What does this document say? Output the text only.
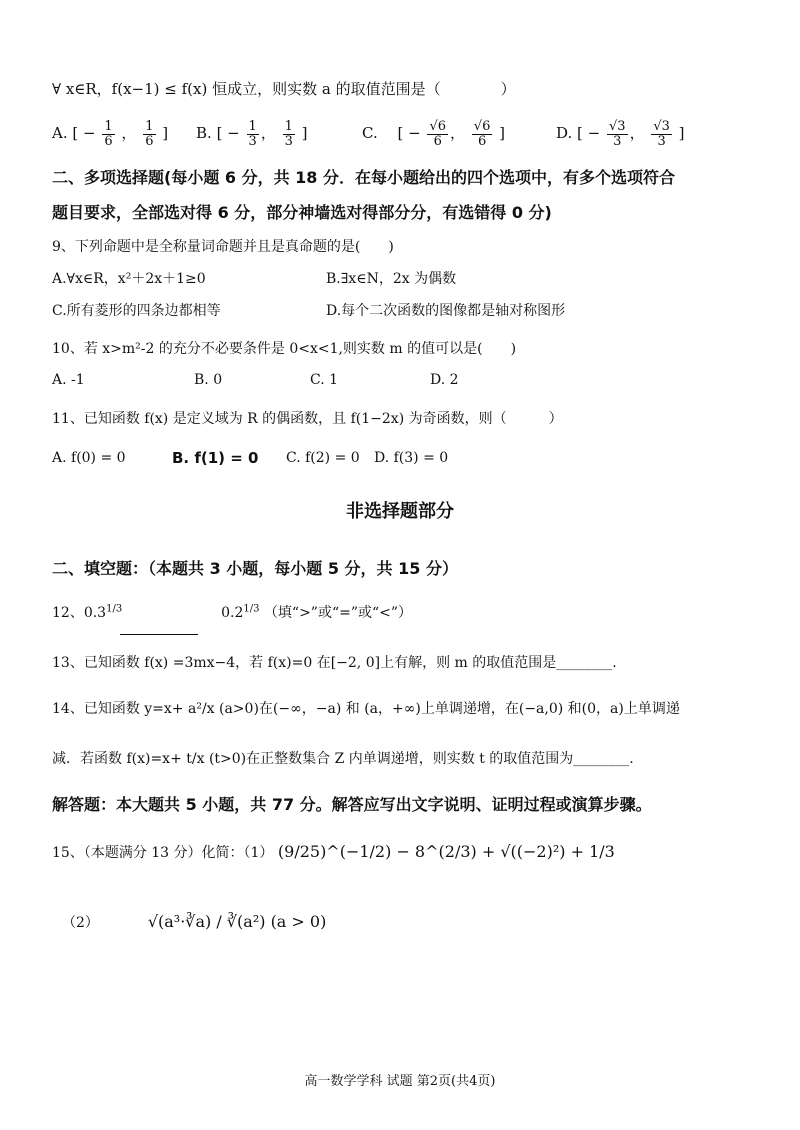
∀ x∈R，f(x−1) ≤ f(x) 恒成立，则实数 a 的取值范围是（　　　　）
A. [ − $\frac{1}{6}$ ， $\frac{1}{6}$ ] B. [ − $\frac{1}{3}$ ， $\frac{1}{3}$ ]	C.　 [ − $\frac{√6}{6}$ ， $\frac{√6}{6}$ ]	D. [ − $\frac{√3}{3}$ ， $\frac{√3}{3}$ ]
二、多项选择题(每小题 6 分，共 18 分．在每小题给出的四个选项中，有多个选项符合
题目要求，全部选对得 6 分，部分神墙选对得部分分，有选错得 0 分)
9、下列命题中是全称量词命题并且是真命题的是(　　)
A.∀x∈R，x²＋2x＋1≥0	B.∃x∈N，2x 为偶数
C.所有菱形的四条边都相等	D.每个二次函数的图像都是轴对称图形
10、若 x>m²-2 的充分不必要条件是 0<x<1,则实数 m 的值可以是(　　)
A. -1	B. 0	C. 1	D. 2
11、已知函数 f(x) 是定义域为 R 的偶函数，且 f(1−2x) 为奇函数，则（　　　）
A. f(0) = 0	B. f(1) = 0 C. f(2) = 0 D. f(3) = 0
非选择题部分
二、填空题：（本题共 3 小题，每小题 5 分，共 15 分）
12、$0.3^{1/3}$	$0.2^{1/3}$ （填“>”或“=”或“<”）
13、已知函数 f(x) =3mx−4，若 f(x)=0 在[−2, 0]上有解，则 m 的取值范围是________.
14、已知函数 y=x+ a²/x (a>0)在(−∞，−a) 和 (a，+∞)上单调递增，在(−a,0) 和(0，a)上单调递
减．若函数 f(x)=x+ t/x (t>0)在正整数集合 Z 内单调递增，则实数 t 的取值范围为________.
解答题：本大题共 5 小题，共 77 分。解答应写出文字说明、证明过程或演算步骤。
15、（本题满分 13 分）化简：（1） (9/25)^(−1/2) − 8^(2/3) + √((−2)²) + 1/3
（2）	√(a³·∛a) / ∛(a²) (a > 0)
高一数学学科 试题 第2页(共4页)
